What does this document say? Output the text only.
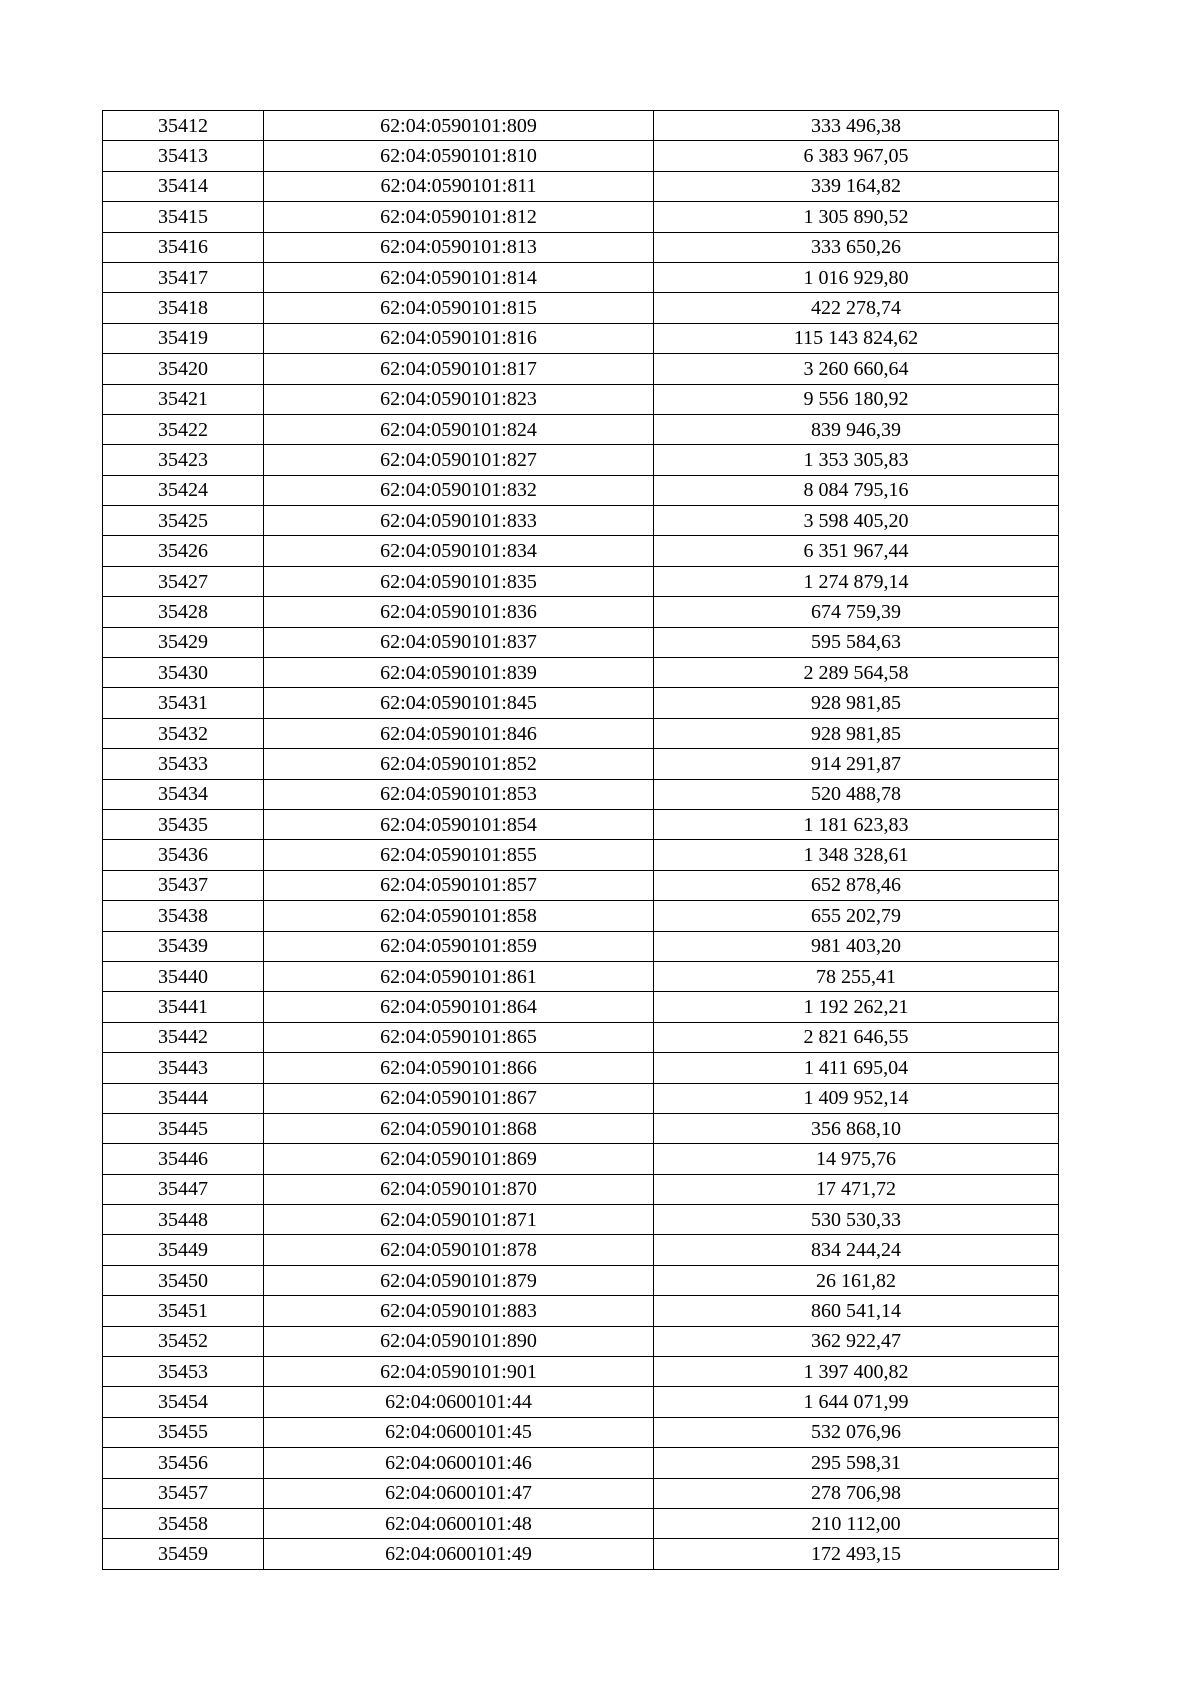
35412	62:04:0590101:809	333 496,38
35413	62:04:0590101:810	6 383 967,05
35414	62:04:0590101:811	339 164,82
35415	62:04:0590101:812	1 305 890,52
35416	62:04:0590101:813	333 650,26
35417	62:04:0590101:814	1 016 929,80
35418	62:04:0590101:815	422 278,74
35419	62:04:0590101:816	115 143 824,62
35420	62:04:0590101:817	3 260 660,64
35421	62:04:0590101:823	9 556 180,92
35422	62:04:0590101:824	839 946,39
35423	62:04:0590101:827	1 353 305,83
35424	62:04:0590101:832	8 084 795,16
35425	62:04:0590101:833	3 598 405,20
35426	62:04:0590101:834	6 351 967,44
35427	62:04:0590101:835	1 274 879,14
35428	62:04:0590101:836	674 759,39
35429	62:04:0590101:837	595 584,63
35430	62:04:0590101:839	2 289 564,58
35431	62:04:0590101:845	928 981,85
35432	62:04:0590101:846	928 981,85
35433	62:04:0590101:852	914 291,87
35434	62:04:0590101:853	520 488,78
35435	62:04:0590101:854	1 181 623,83
35436	62:04:0590101:855	1 348 328,61
35437	62:04:0590101:857	652 878,46
35438	62:04:0590101:858	655 202,79
35439	62:04:0590101:859	981 403,20
35440	62:04:0590101:861	78 255,41
35441	62:04:0590101:864	1 192 262,21
35442	62:04:0590101:865	2 821 646,55
35443	62:04:0590101:866	1 411 695,04
35444	62:04:0590101:867	1 409 952,14
35445	62:04:0590101:868	356 868,10
35446	62:04:0590101:869	14 975,76
35447	62:04:0590101:870	17 471,72
35448	62:04:0590101:871	530 530,33
35449	62:04:0590101:878	834 244,24
35450	62:04:0590101:879	26 161,82
35451	62:04:0590101:883	860 541,14
35452	62:04:0590101:890	362 922,47
35453	62:04:0590101:901	1 397 400,82
35454	62:04:0600101:44	1 644 071,99
35455	62:04:0600101:45	532 076,96
35456	62:04:0600101:46	295 598,31
35457	62:04:0600101:47	278 706,98
35458	62:04:0600101:48	210 112,00
35459	62:04:0600101:49	172 493,15
